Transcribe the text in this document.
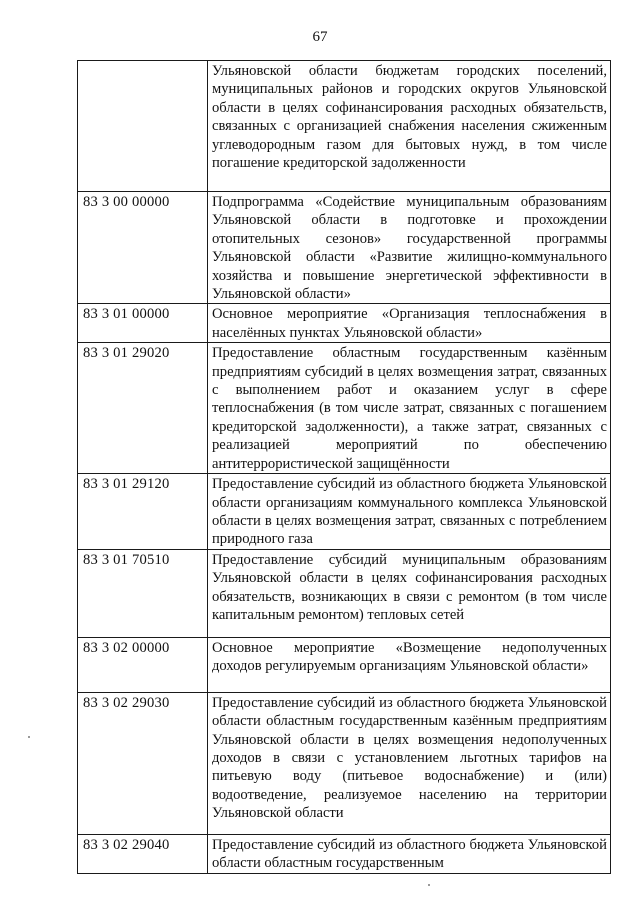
67
	Ульяновской области бюджетам городских поселений, муниципальных районов и городских округов Ульяновской области в целях софинансирования расходных обязательств, связанных с организацией снабжения населения сжиженным углеводородным газом для бытовых нужд, в том числе погашение кредиторской задолженности
83 3 00 00000	Подпрограмма «Содействие муниципальным образованиям Ульяновской области в подготовке и прохождении отопительных сезонов» государственной программы Ульяновской области «Развитие жилищно-коммунального хозяйства и повышение энергетической эффективности в Ульяновской области»
83 3 01 00000	Основное мероприятие «Организация теплоснабжения в населённых пунктах Ульяновской области»
83 3 01 29020	Предоставление областным государственным казённым предприятиям субсидий в целях возмещения затрат, связанных с выполнением работ и оказанием услуг в сфере теплоснабжения (в том числе затрат, связанных с погашением кредиторской задолженности), а также затрат, связанных с реализацией мероприятий по обеспечению антитеррористической защищённости
83 3 01 29120	Предоставление субсидий из областного бюджета Ульяновской области организациям коммунального комплекса Ульяновской области в целях возмещения затрат, связанных с потреблением природного газа
83 3 01 70510	Предоставление субсидий муниципальным образованиям Ульяновской области в целях софинансирования расходных обязательств, возникающих в связи с ремонтом (в том числе капитальным ремонтом) тепловых сетей
83 3 02 00000	Основное мероприятие «Возмещение недополученных доходов регулируемым организациям Ульяновской области»
83 3 02 29030	Предоставление субсидий из областного бюджета Ульяновской области областным государственным казённым предприятиям Ульяновской области в целях возмещения недополученных доходов в связи с установлением льготных тарифов на питьевую воду (питьевое водоснабжение) и (или) водоотведение, реализуемое населению на территории Ульяновской области
83 3 02 29040	Предоставление субсидий из областного бюджета Ульяновской области областным государственным
